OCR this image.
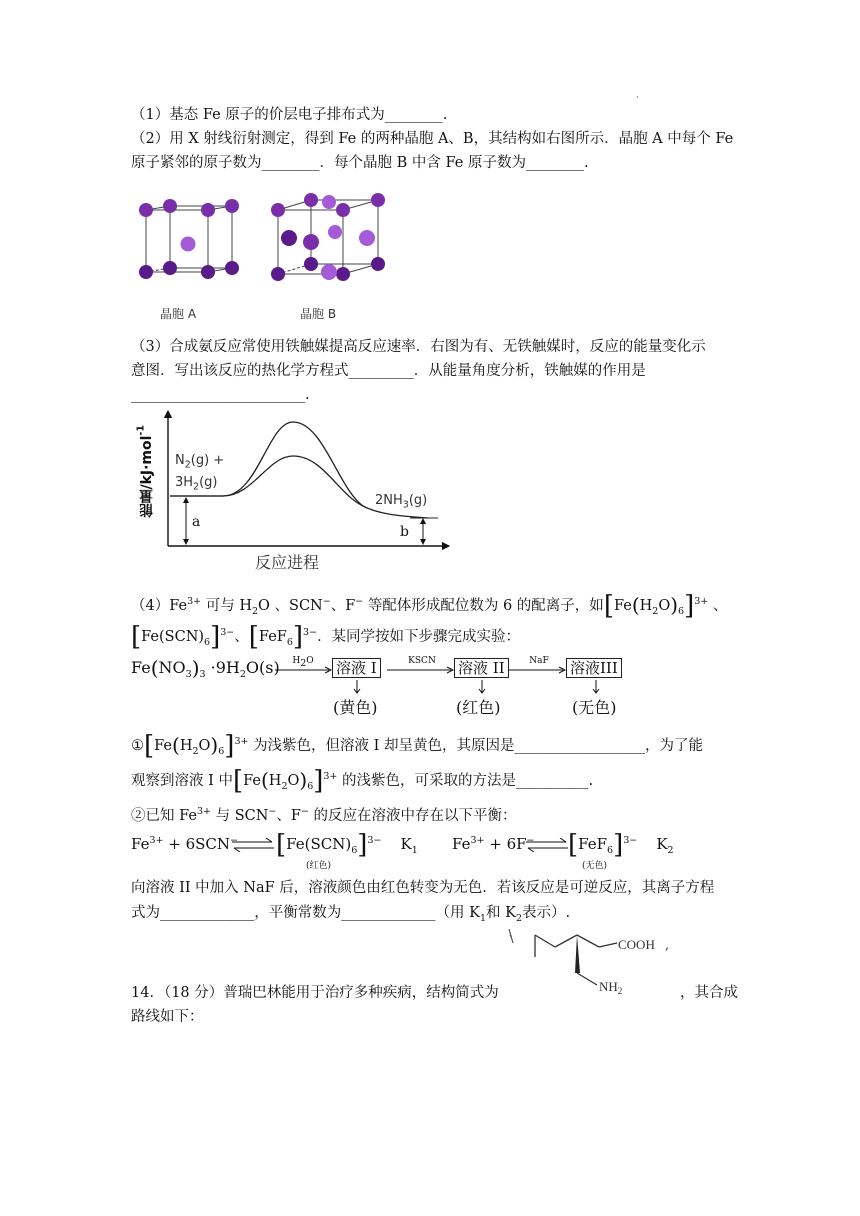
·
（1）基态 Fe 原子的价层电子排布式为________.
（2）用 X 射线衍射测定，得到 Fe 的两种晶胞 A、B，其结构如右图所示．晶胞 A 中每个 Fe
原子紧邻的原子数为________．每个晶胞 B 中含 Fe 原子数为________.
晶胞 A	晶胞 B
（3）合成氨反应常使用铁触媒提高反应速率．右图为有、无铁触媒时，反应的能量变化示
意图．写出该反应的热化学方程式_________．从能量角度分析，铁触媒的作用是
________________________.
能量/kJ·mol$^{-1}$
$N_2(g)$ +
$3H_2(g)$
$2NH_3(g)$
a
b
反应进程
$(4)Fe^{3+}$ 可与 $H_2O$ 、SCN−、F− 等配体形成配位数为 6 的配离子，如$[Fe(H_2O)_6]^{3+}$ 、
$[Fe(SCN)_6]^{3-}$、$[FeF_6]^{3-}$．某同学按如下步骤完成实验：
$Fe(NO_3)_3 \cdot 9H_2O(s)$	$H_2O$	溶液 I	KSCN	溶液 II	NaF	溶液III
(黄色)	(红色)	(无色)
$①[Fe(H_2O)_6]^{3+}$ 为浅紫色，但溶液 I 却呈黄色，其原因是__________________，为了能
观察到溶液 I 中$[Fe(H_2O)_6]^{3+}$ 的浅紫色，可采取的方法是__________.
②已知 $Fe^{3+}$ 与 SCN−、F− 的反应在溶液中存在以下平衡：
$Fe^{3+} + 6SCN^-$ $[Fe(SCN)_6]^{3-}$ $K_1$
(红色)
$Fe^{3+} + 6F^-$ $[FeF_6]^{3-}$ $K_2$
(无色)
向溶液 II 中加入 NaF 后，溶液颜色由红色转变为无色．若该反应是可逆反应，其离子方程
式为_____________，平衡常数为_____________（用 $K_1$和 $K_2$表示）.
COOH
$NH_2$
,
14．（18 分）普瑞巴林能用于治疗多种疾病，结构简式为	，其合成
路线如下：
